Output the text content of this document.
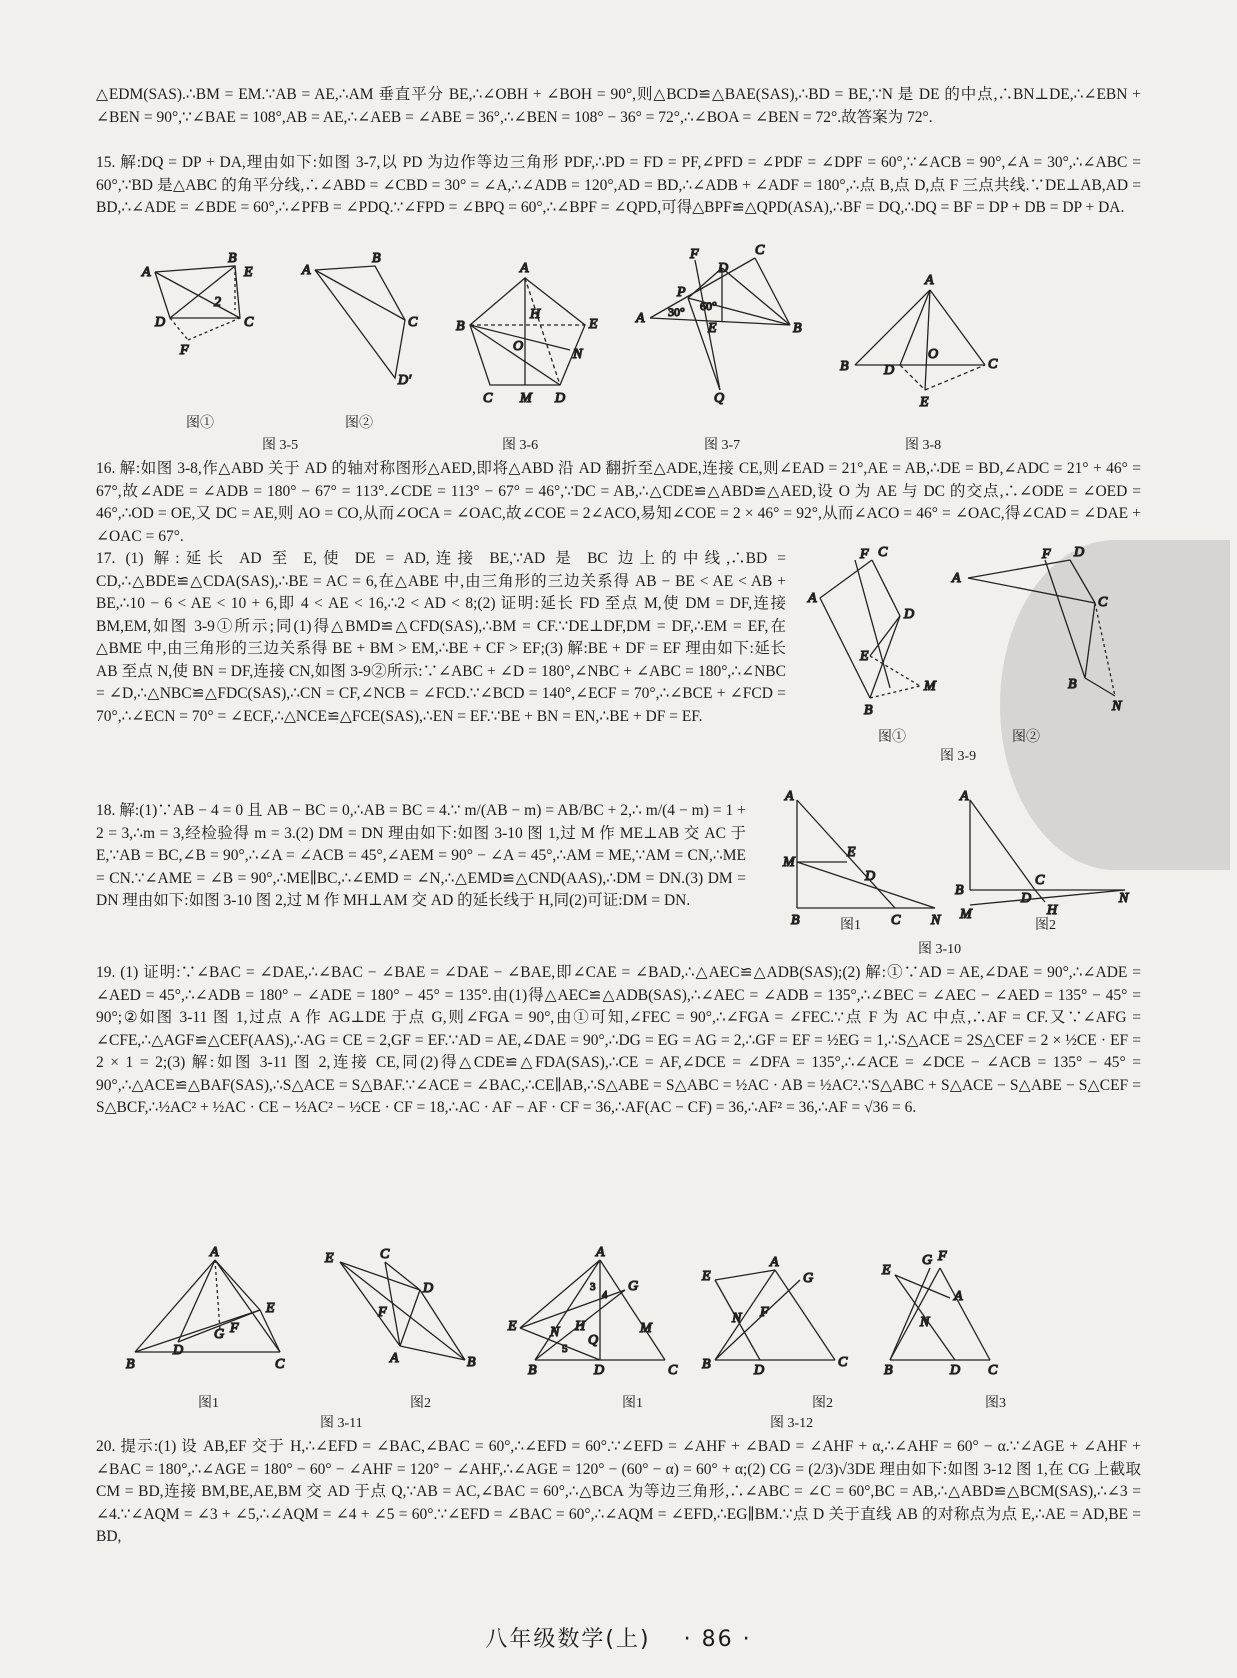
△EDM(SAS).∴BM = EM.∵AB = AE,∴AM 垂直平分 BE,∴∠OBH + ∠BOH = 90°,则△BCD≌△BAE(SAS),∴BD = BE,∵N 是 DE 的中点,∴BN⊥DE,∴∠EBN + ∠BEN = 90°,∵∠BAE = 108°,AB = AE,∴∠AEB = ∠ABE = 36°,∴∠BEN = 108° − 36° = 72°,∴∠BOA = ∠BEN = 72°.故答案为 72°.

15. 解:DQ = DP + DA,理由如下:如图 3-7,以 PD 为边作等边三角形 PDF,∴PD = FD = PF,∠PFD = ∠PDF = ∠DPF = 60°,∵∠ACB = 90°,∠A = 30°,∴∠ABC = 60°,∵BD 是△ABC 的角平分线,∴∠ABD = ∠CBD = 30° = ∠A,∴∠ADB = 120°,AD = BD,∴∠ADB + ∠ADF = 180°,∴点 B,点 D,点 F 三点共线.∵DE⊥AB,AD = BD,∴∠ADE = ∠BDE = 60°,∴∠PFB = ∠PDQ.∵∠FPD = ∠BPQ = 60°,∴∠BPF = ∠QPD,可得△BPF≌△QPD(ASA),∴BF = DQ,∴DQ = BF = DP + DB = DP + DA.

A
B
E
2
D	C
F
A
B
C
D′
A
B	E
H
O
N
C M D
F
D
C
P
A 30° 60°
E	B
Q
A
B	D
O
C
E
图①	图②
图 3-5	图 3-6	图 3-7	图 3-8

16. 解:如图 3-8,作△ABD 关于 AD 的轴对称图形△AED,即将△ABD 沿 AD 翻折至△ADE,连接 CE,则∠EAD = 21°,AE = AB,∴DE = BD,∠ADC = 21° + 46° = 67°,故∠ADE = ∠ADB = 180° − 67° = 113°.∠CDE = 113° − 67° = 46°,∵DC = AB,∴△CDE≌△ABD≌△AED,设 O 为 AE 与 DC 的交点,∴∠ODE = ∠OED = 46°,∴OD = OE,又 DC = AE,则 AO = CO,从而∠OCA = ∠OAC,故∠COE = 2∠ACO,易知∠COE = 2 × 46° = 92°,从而∠ACO = 46° = ∠OAC,得∠CAD = ∠DAE + ∠OAC = 67°.

17. (1) 解:延长 AD 至 E,使 DE = AD,连接 BE,∵AD 是 BC 边上的中线,∴BD = CD,∴△BDE≌△CDA(SAS),∴BE = AC = 6,在△ABE 中,由三角形的三边关系得 AB − BE < AE < AB + BE,∴10 − 6 < AE < 10 + 6,即 4 < AE < 16,∴2 < AD < 8;(2) 证明:延长 FD 至点 M,使 DM = DF,连接 BM,EM,如图 3-9①所示;同(1)得△BMD≌△CFD(SAS),∴BM = CF.∵DE⊥DF,DM = DF,∴EM = EF,在△BME 中,由三角形的三边关系得 BE + BM > EM,∴BE + CF > EF;(3) 解:BE + DF = EF 理由如下:延长 AB 至点 N,使 BN = DF,连接 CN,如图 3-9②所示:∵∠ABC + ∠D = 180°,∠NBC + ∠ABC = 180°,∴∠NBC = ∠D,∴△NBC≌△FDC(SAS),∴CN = CF,∠NCB = ∠FCD.∵∠BCD = 140°,∠ECF = 70°,∴∠BCE + ∠FCD = 70°,∴∠ECN = 70° = ∠ECF,∴△NCE≌△FCE(SAS),∴EN = EF.∵BE + BN = EN,∴BE + DF = EF.

A
F C
D
E
M
B
A
F D
C
B
N
图①	图②
图 3-9

18. 解:(1)∵AB − 4 = 0 且 AB − BC = 0,∴AB = BC = 4.∵ m/(AB − m) = AB/BC + 2,∴ m/(4 − m) = 1 + 2 = 3,∴m = 3,经检验得 m = 3.(2) DM = DN 理由如下:如图 3-10 图 1,过 M 作 ME⊥AB 交 AC 于 E,∵AB = BC,∠B = 90°,∴∠A = ∠ACB = 45°,∠AEM = 90° − ∠A = 45°,∴AM = ME,∵AM = CN,∴ME = CN.∵∠AME = ∠B = 90°,∴ME∥BC,∴∠EMD = ∠N,∴△EMD≌△CND(AAS),∴DM = DN.(3) DM = DN 理由如下:如图 3-10 图 2,过 M 作 MH⊥AM 交 AD 的延长线于 H,同(2)可证:DM = DN.

A
M
E
D
B	C N
A
B
C
D
M	H
N
图1	图2
图 3-10

19. (1) 证明:∵∠BAC = ∠DAE,∴∠BAC − ∠BAE = ∠DAE − ∠BAE,即∠CAE = ∠BAD,∴△AEC≌△ADB(SAS);(2) 解:①∵AD = AE,∠DAE = 90°,∴∠ADE = ∠AED = 45°,∴∠ADB = 180° − ∠ADE = 180° − 45° = 135°.由(1)得△AEC≌△ADB(SAS),∴∠AEC = ∠ADB = 135°,∴∠BEC = ∠AEC − ∠AED = 135° − 45° = 90°;②如图 3-11 图 1,过点 A 作 AG⊥DE 于点 G,则∠FGA = 90°,由①可知,∠FEC = 90°,∴∠FGA = ∠FEC.∵点 F 为 AC 中点,∴AF = CF.又∵∠AFG = ∠CFE,∴△AGF≌△CEF(AAS),∴AG = CE = 2,GF = EF.∵AD = AE,∠DAE = 90°,∴DG = EG = AG = 2,∴GF = EF = ½EG = 1,∴S△ACE = 2S△CEF = 2 × ½CE · EF = 2 × 1 = 2;(3) 解:如图 3-11 图 2,连接 CE,同(2)得△CDE≌△FDA(SAS),∴CE = AF,∠DCE = ∠DFA = 135°,∴∠ACE = ∠DCE − ∠ACB = 135° − 45° = 90°,∴△ACE≌△BAF(SAS),∴S△ACE = S△BAF.∵∠ACE = ∠BAC,∴CE∥AB,∴S△ABE = S△ABC = ½AC · AB = ½AC².∵S△ABC + S△ACE − S△ABE − S△CEF = S△BCF,∴½AC² + ½AC · CE − ½AC² − ½CE · CF = 18,∴AC · AF − AF · CF = 36,∴AF(AC − CF) = 36,∴AF² = 36,∴AF = √36 = 6.

A
E
F
G
D
B	C
E	C
D
F
A	B
A
G
M
E N H
Q
3
4
5
B	D	C
A
E	G
F
N
B	D
C
E
G F
A
N
B	D C
图1	图2
图 3-11
图1	图2	图3
图 3-12

20. 提示:(1) 设 AB,EF 交于 H,∴∠EFD = ∠BAC,∠BAC = 60°,∴∠EFD = 60°.∵∠EFD = ∠AHF + ∠BAD = ∠AHF + α,∴∠AHF = 60° − α.∵∠AGE + ∠AHF + ∠BAC = 180°,∴∠AGE = 180° − 60° − ∠AHF = 120° − ∠AHF,∴∠AGE = 120° − (60° − α) = 60° + α;(2) CG = (2/3)√3DE 理由如下:如图 3-12 图 1,在 CG 上截取 CM = BD,连接 BM,BE,AE,BM 交 AD 于点 Q,∵AB = AC,∠BAC = 60°,∴△BCA 为等边三角形,∴∠ABC = ∠C = 60°,BC = AB,∴△ABD≌△BCM(SAS),∴∠3 = ∠4.∵∠AQM = ∠3 + ∠5,∴∠AQM = ∠4 + ∠5 = 60°.∵∠EFD = ∠BAC = 60°,∴∠AQM = ∠EFD,∴EG∥BM.∵点 D 关于直线 AB 的对称点为点 E,∴AE = AD,BE = BD,

八年级数学(上) · 86 ·
